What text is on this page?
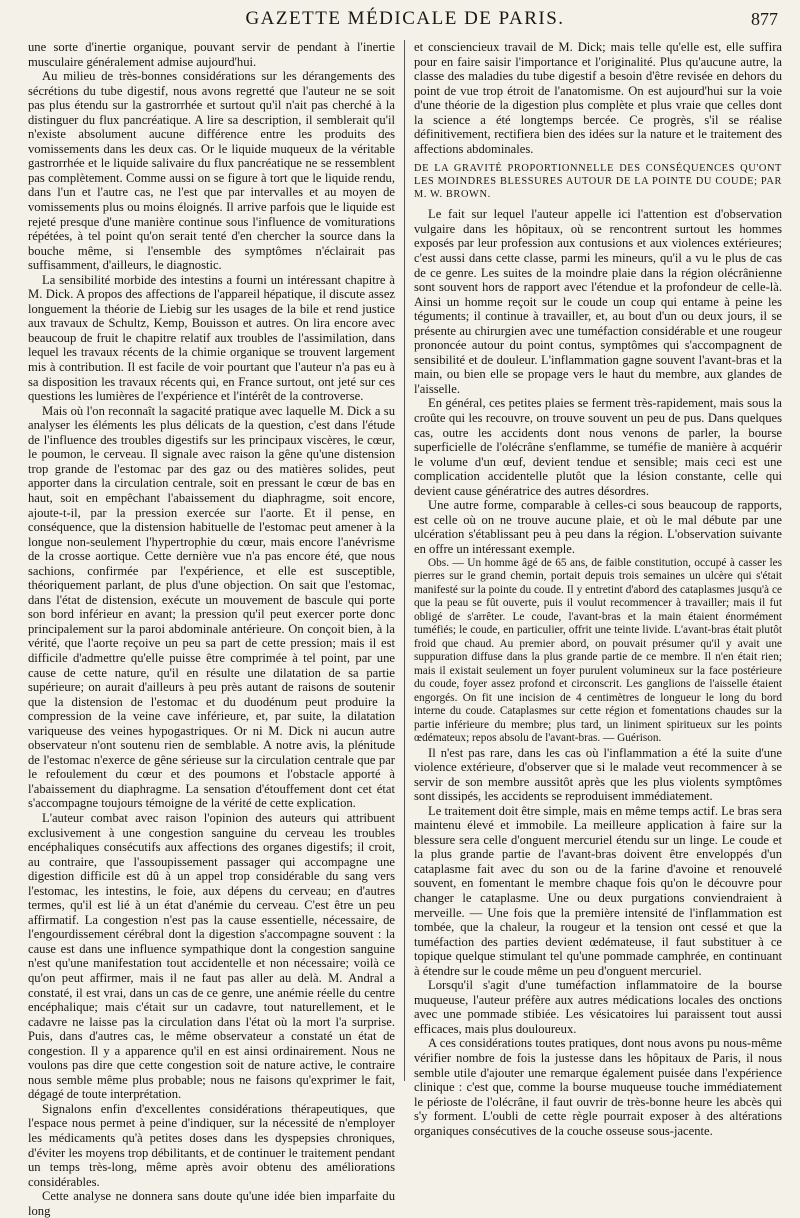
GAZETTE MÉDICALE DE PARIS.	877

une sorte d'inertie organique, pouvant servir de pendant à l'inertie musculaire généralement admise aujourd'hui.

Au milieu de très-bonnes considérations sur les dérangements des sécrétions du tube digestif, nous avons regretté que l'auteur ne se soit pas plus étendu sur la gastrorrhée et surtout qu'il n'ait pas cherché à la distinguer du flux pancréatique. A lire sa description, il semblerait qu'il n'existe absolument aucune différence entre les produits des vomissements dans les deux cas. Or le liquide muqueux de la véritable gastrorrhée et le liquide salivaire du flux pancréatique ne se ressemblent pas complètement. Comme aussi on se figure à tort que le liquide rendu, dans l'un et l'autre cas, ne l'est que par intervalles et au moyen de vomissements plus ou moins éloignés. Il arrive parfois que le liquide est rejeté presque d'une manière continue sous l'influence de vomiturations répétées, à tel point qu'on serait tenté d'en chercher la source dans la bouche même, si l'ensemble des symptômes n'éclairait pas suffisamment, d'ailleurs, le diagnostic.

La sensibilité morbide des intestins a fourni un intéressant chapitre à M. Dick. A propos des affections de l'appareil hépatique, il discute assez longuement la théorie de Liebig sur les usages de la bile et rend justice aux travaux de Schultz, Kemp, Bouisson et autres. On lira encore avec beaucoup de fruit le chapitre relatif aux troubles de l'assimilation, dans lequel les travaux récents de la chimie organique se trouvent largement mis à contribution. Il est facile de voir pourtant que l'auteur n'a pas eu à sa disposition les travaux récents qui, en France surtout, ont jeté sur ces questions les lumières de l'expérience et l'intérêt de la controverse.

Mais où l'on reconnaît la sagacité pratique avec laquelle M. Dick a su analyser les éléments les plus délicats de la question, c'est dans l'étude de l'influence des troubles digestifs sur les principaux viscères, le cœur, le poumon, le cerveau. Il signale avec raison la gêne qu'une distension trop grande de l'estomac par des gaz ou des matières solides, peut apporter dans la circulation centrale, soit en pressant le cœur de bas en haut, soit en empêchant l'abaissement du diaphragme, soit encore, ajoute-t-il, par la pression exercée sur l'aorte. Et il pense, en conséquence, que la distension habituelle de l'estomac peut amener à la longue non-seulement l'hypertrophie du cœur, mais encore l'anévrisme de la crosse aortique. Cette dernière vue n'a pas encore été, que nous sachions, confirmée par l'expérience, et elle est susceptible, théoriquement parlant, de plus d'une objection. On sait que l'estomac, dans l'état de distension, exécute un mouvement de bascule qui porte son bord inférieur en avant; la pression qu'il peut exercer porte donc principalement sur la paroi abdominale antérieure. On conçoit bien, à la vérité, que l'aorte reçoive un peu sa part de cette pression; mais il est difficile d'admettre qu'elle puisse être comprimée à tel point, par une cause de cette nature, qu'il en résulte une dilatation de sa partie supérieure; on aurait d'ailleurs à peu près autant de raisons de soutenir que la distension de l'estomac et du duodénum peut produire la compression de la veine cave inférieure, et, par suite, la dilatation variqueuse des veines hypogastriques. Or ni M. Dick ni aucun autre observateur n'ont soutenu rien de semblable. A notre avis, la plénitude de l'estomac n'exerce de gêne sérieuse sur la circulation centrale que par le refoulement du cœur et des poumons et l'obstacle apporté à l'abaissement du diaphragme. La sensation d'étouffement dont cet état s'accompagne toujours témoigne de la vérité de cette explication.

L'auteur combat avec raison l'opinion des auteurs qui attribuent exclusivement à une congestion sanguine du cerveau les troubles encéphaliques consécutifs aux affections des organes digestifs; il croit, au contraire, que l'assoupissement passager qui accompagne une digestion difficile est dû à un appel trop considérable du sang vers l'estomac, les intestins, le foie, aux dépens du cerveau; en d'autres termes, qu'il est lié à un état d'anémie du cerveau. C'est être un peu affirmatif. La congestion n'est pas la cause essentielle, nécessaire, de l'engourdissement cérébral dont la digestion s'accompagne souvent : la cause est dans une influence sympathique dont la congestion sanguine n'est qu'une manifestation tout accidentelle et non nécessaire; voilà ce qu'on peut affirmer, mais il ne faut pas aller au delà. M. Andral a constaté, il est vrai, dans un cas de ce genre, une anémie réelle du centre encéphalique; mais c'était sur un cadavre, tout naturellement, et le cadavre ne laisse pas la circulation dans l'état où la mort l'a surprise. Puis, dans d'autres cas, le même observateur a constaté un état de congestion. Il y a apparence qu'il en est ainsi ordinairement. Nous ne voulons pas dire que cette congestion soit de nature active, le contraire nous semble même plus probable; nous ne faisons qu'exprimer le fait, dégagé de toute interprétation.

Signalons enfin d'excellentes considérations thérapeutiques, que l'espace nous permet à peine d'indiquer, sur la nécessité de n'employer les médicaments qu'à petites doses dans les dyspepsies chroniques, d'éviter les moyens trop débilitants, et de continuer le traitement pendant un temps très-long, même après avoir obtenu des améliorations considérables.

Cette analyse ne donnera sans doute qu'une idée bien imparfaite du long

et consciencieux travail de M. Dick; mais telle qu'elle est, elle suffira pour en faire saisir l'importance et l'originalité. Plus qu'aucune autre, la classe des maladies du tube digestif a besoin d'être revisée en dehors du point de vue trop étroit de l'anatomisme. On est aujourd'hui sur la voie d'une théorie de la digestion plus complète et plus vraie que celles dont la science a été longtemps bercée. Ce progrès, s'il se réalise définitivement, rectifiera bien des idées sur la nature et le traitement des affections abdominales.

DE LA GRAVITÉ PROPORTIONNELLE DES CONSÉQUENCES QU'ONT LES MOINDRES BLESSURES AUTOUR DE LA POINTE DU COUDE; PAR M. W. BROWN.

Le fait sur lequel l'auteur appelle ici l'attention est d'observation vulgaire dans les hôpitaux, où se rencontrent surtout les hommes exposés par leur profession aux contusions et aux violences extérieures; c'est aussi dans cette classe, parmi les mineurs, qu'il a vu le plus de cas de ce genre. Les suites de la moindre plaie dans la région olécrânienne sont souvent hors de rapport avec l'étendue et la profondeur de celle-là. Ainsi un homme reçoit sur le coude un coup qui entame à peine les téguments; il continue à travailler, et, au bout d'un ou deux jours, il se présente au chirurgien avec une tuméfaction considérable et une rougeur prononcée autour du point contus, symptômes qui s'accompagnent de sensibilité et de douleur. L'inflammation gagne souvent l'avant-bras et la main, ou bien elle se propage vers le haut du membre, aux glandes de l'aisselle.

En général, ces petites plaies se ferment très-rapidement, mais sous la croûte qui les recouvre, on trouve souvent un peu de pus. Dans quelques cas, outre les accidents dont nous venons de parler, la bourse superficielle de l'olécrâne s'enflamme, se tuméfie de manière à acquérir le volume d'un œuf, devient tendue et sensible; mais ceci est une complication accidentelle plutôt que la lésion constante, celle qui devient cause génératrice des autres désordres.

Une autre forme, comparable à celles-ci sous beaucoup de rapports, est celle où on ne trouve aucune plaie, et où le mal débute par une ulcération s'établissant peu à peu dans la région. L'observation suivante en offre un intéressant exemple.

Obs. — Un homme âgé de 65 ans, de faible constitution, occupé à casser les pierres sur le grand chemin, portait depuis trois semaines un ulcère qui s'était manifesté sur la pointe du coude. Il y entretint d'abord des cataplasmes jusqu'à ce que la peau se fût ouverte, puis il voulut recommencer à travailler; mais il fut obligé de s'arrêter. Le coude, l'avant-bras et la main étaient énormément tuméfiés; le coude, en particulier, offrit une teinte livide. L'avant-bras était plutôt froid que chaud. Au premier abord, on pouvait présumer qu'il y avait une suppuration diffuse dans la plus grande partie de ce membre. Il n'en était rien; mais il existait seulement un foyer purulent volumineux sur la face postérieure du coude, foyer assez profond et circonscrit. Les ganglions de l'aisselle étaient engorgés. On fit une incision de 4 centimètres de longueur le long du bord interne du coude. Cataplasmes sur cette région et fomentations chaudes sur la partie inférieure du membre; plus tard, un liniment spiritueux sur les points œdémateux; repos absolu de l'avant-bras. — Guérison.

Il n'est pas rare, dans les cas où l'inflammation a été la suite d'une violence extérieure, d'observer que si le malade veut recommencer à se servir de son membre aussitôt après que les plus violents symptômes sont dissipés, les accidents se reproduisent immédiatement.

Le traitement doit être simple, mais en même temps actif. Le bras sera maintenu élevé et immobile. La meilleure application à faire sur la blessure sera celle d'onguent mercuriel étendu sur un linge. Le coude et la plus grande partie de l'avant-bras doivent être enveloppés d'un cataplasme fait avec du son ou de la farine d'avoine et renouvelé souvent, en fomentant le membre chaque fois qu'on le découvre pour changer le cataplasme. Une ou deux purgations conviendraient à merveille. — Une fois que la première intensité de l'inflammation est tombée, que la chaleur, la rougeur et la tension ont cessé et que la tuméfaction des parties devient œdémateuse, il faut substituer à ce topique quelque stimulant tel qu'une pommade camphrée, en continuant à étendre sur le coude même un peu d'onguent mercuriel.

Lorsqu'il s'agit d'une tuméfaction inflammatoire de la bourse muqueuse, l'auteur préfère aux autres médications locales des onctions avec une pommade stibiée. Les vésicatoires lui paraissent tout aussi efficaces, mais plus douloureux.

A ces considérations toutes pratiques, dont nous avons pu nous-même vérifier nombre de fois la justesse dans les hôpitaux de Paris, il nous semble utile d'ajouter une remarque également puisée dans l'expérience clinique : c'est que, comme la bourse muqueuse touche immédiatement le périoste de l'olécrâne, il faut ouvrir de très-bonne heure les abcès qui s'y forment. L'oubli de cette règle pourrait exposer à des altérations organiques consécutives de la couche osseuse sous-jacente.
